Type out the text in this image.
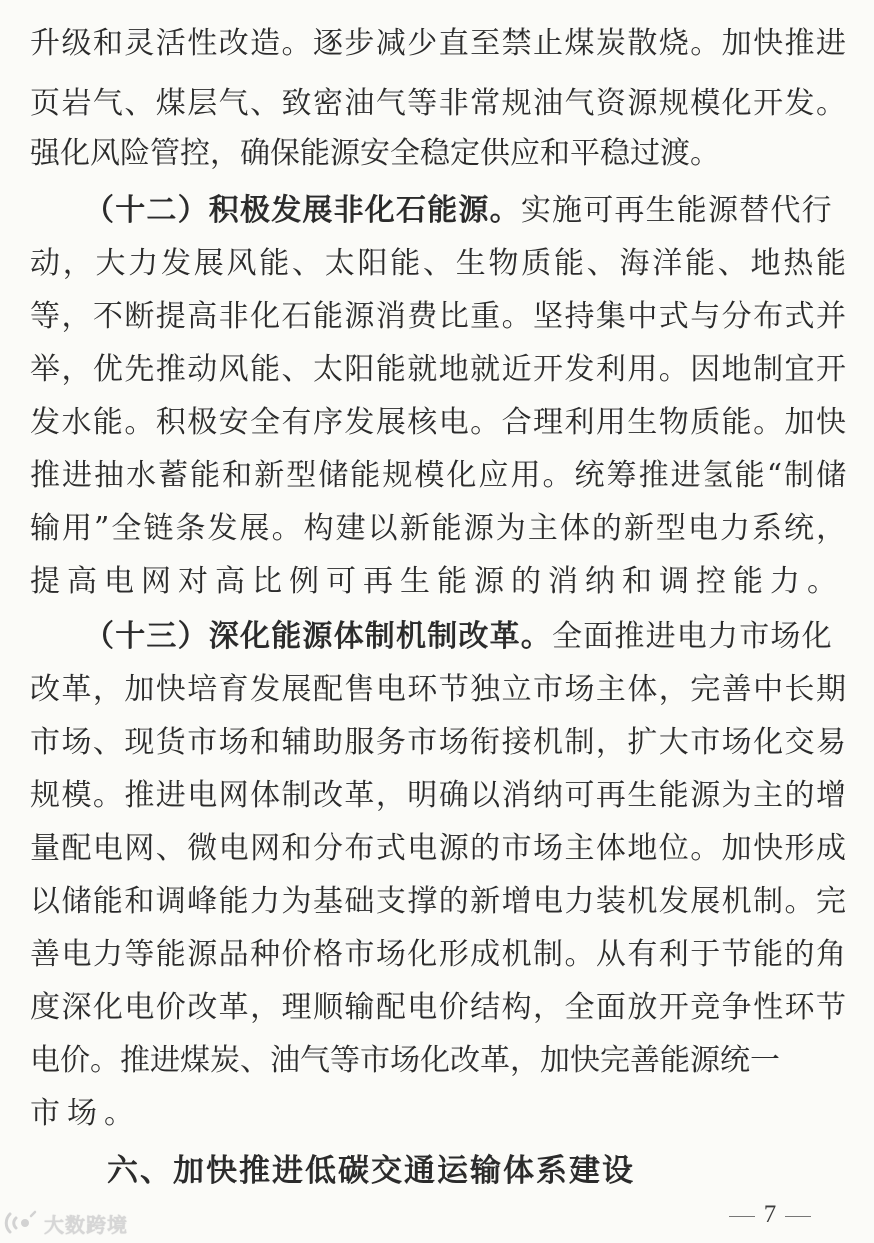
升级和灵活性改造。逐步减少直至禁止煤炭散烧。加快推进
页岩气、煤层气、致密油气等非常规油气资源规模化开发。
强化风险管控，确保能源安全稳定供应和平稳过渡。
（十二）积极发展非化石能源。实施可再生能源替代行
动，大力发展风能、太阳能、生物质能、海洋能、地热能
等，不断提高非化石能源消费比重。坚持集中式与分布式并
举，优先推动风能、太阳能就地就近开发利用。因地制宜开
发水能。积极安全有序发展核电。合理利用生物质能。加快
推进抽水蓄能和新型储能规模化应用。统筹推进氢能“制储
输用”全链条发展。构建以新能源为主体的新型电力系统，
提高电网对高比例可再生能源的消纳和调控能力。
（十三）深化能源体制机制改革。全面推进电力市场化
改革，加快培育发展配售电环节独立市场主体，完善中长期
市场、现货市场和辅助服务市场衔接机制，扩大市场化交易
规模。推进电网体制改革，明确以消纳可再生能源为主的增
量配电网、微电网和分布式电源的市场主体地位。加快形成
以储能和调峰能力为基础支撑的新增电力装机发展机制。完
善电力等能源品种价格市场化形成机制。从有利于节能的角
度深化电价改革，理顺输配电价结构，全面放开竞争性环节
电价。推进煤炭、油气等市场化改革，加快完善能源统一
市场。
六、加快推进低碳交通运输体系建设
7
大数跨境
